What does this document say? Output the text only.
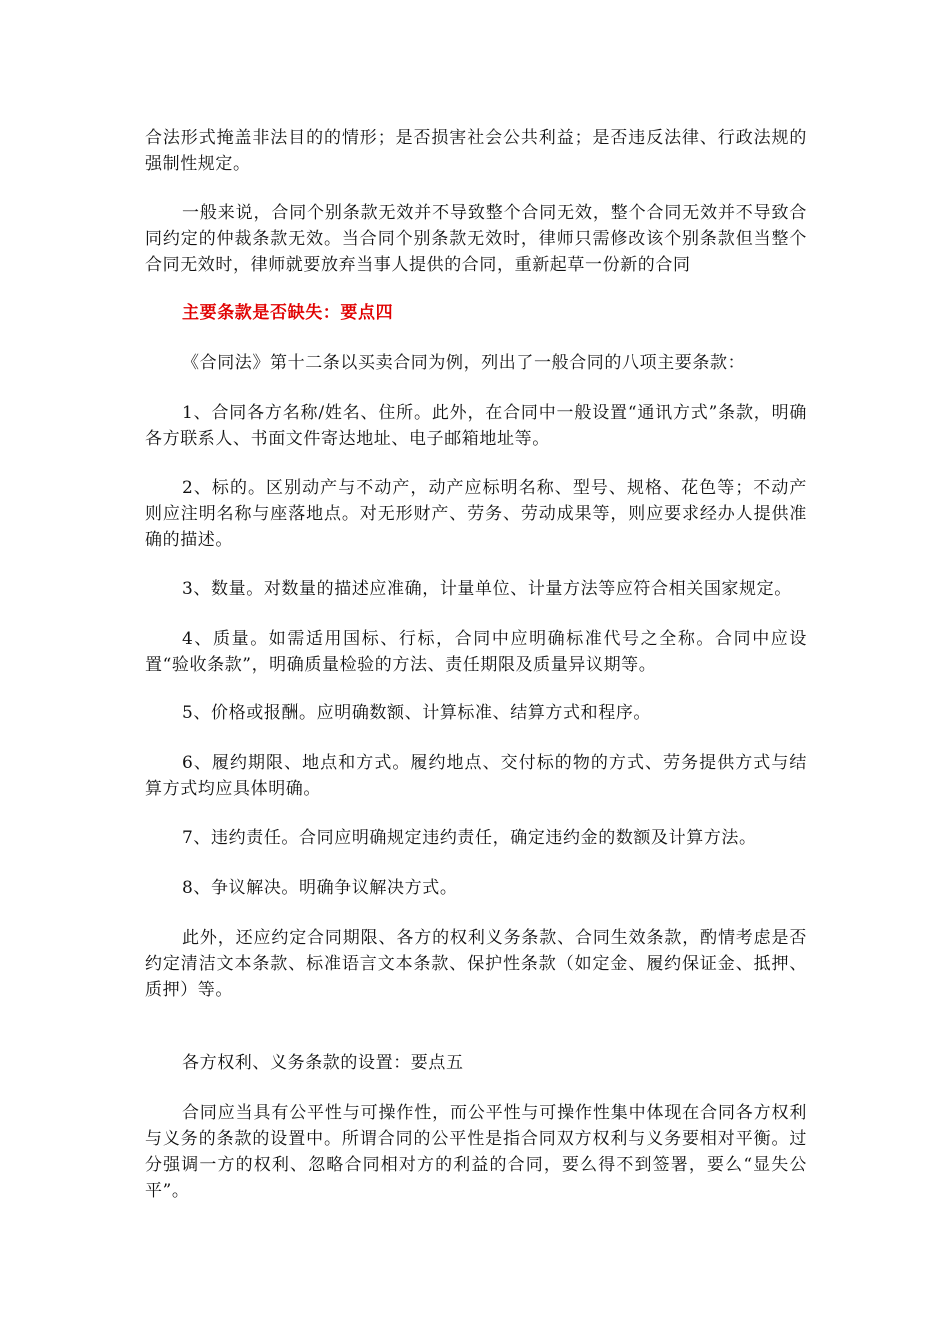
合法形式掩盖非法目的的情形；是否损害社会公共利益；是否违反法律、行政法规的强制性规定。

一般来说，合同个别条款无效并不导致整个合同无效，整个合同无效并不导致合同约定的仲裁条款无效。当合同个别条款无效时，律师只需修改该个别条款但当整个合同无效时，律师就要放弃当事人提供的合同，重新起草一份新的合同

主要条款是否缺失：要点四

《合同法》第十二条以买卖合同为例，列出了一般合同的八项主要条款：

1、合同各方名称/姓名、住所。此外，在合同中一般设置“通讯方式”条款，明确各方联系人、书面文件寄达地址、电子邮箱地址等。

2、标的。区别动产与不动产，动产应标明名称、型号、规格、花色等；不动产则应注明名称与座落地点。对无形财产、劳务、劳动成果等，则应要求经办人提供准确的描述。

3、数量。对数量的描述应准确，计量单位、计量方法等应符合相关国家规定。

4、质量。如需适用国标、行标，合同中应明确标准代号之全称。合同中应设置“验收条款”，明确质量检验的方法、责任期限及质量异议期等。

5、价格或报酬。应明确数额、计算标准、结算方式和程序。

6、履约期限、地点和方式。履约地点、交付标的物的方式、劳务提供方式与结算方式均应具体明确。

7、违约责任。合同应明确规定违约责任，确定违约金的数额及计算方法。

8、争议解决。明确争议解决方式。

此外，还应约定合同期限、各方的权利义务条款、合同生效条款，酌情考虑是否约定清洁文本条款、标准语言文本条款、保护性条款（如定金、履约保证金、抵押、质押）等。

各方权利、义务条款的设置：要点五

合同应当具有公平性与可操作性，而公平性与可操作性集中体现在合同各方权利与义务的条款的设置中。所谓合同的公平性是指合同双方权利与义务要相对平衡。过分强调一方的权利、忽略合同相对方的利益的合同，要么得不到签署，要么“显失公平”。
